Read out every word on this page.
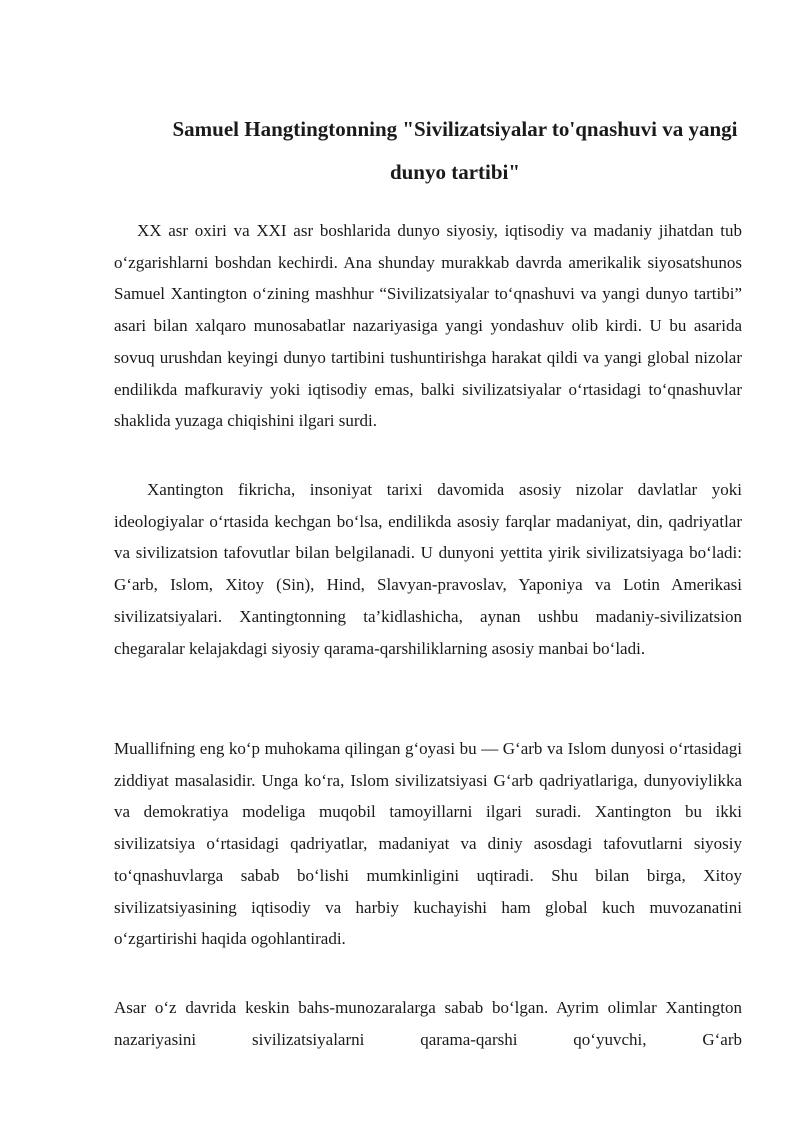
Samuel Hangtingtonning "Sivilizatsiyalar to'qnashuvi va yangi dunyo tartibi"

XX asr oxiri va XXI asr boshlarida dunyo siyosiy, iqtisodiy va madaniy jihatdan tub o‘zgarishlarni boshdan kechirdi. Ana shunday murakkab davrda amerikalik siyosatshunos Samuel Xantington o‘zining mashhur “Sivilizatsiyalar to‘qnashuvi va yangi dunyo tartibi” asari bilan xalqaro munosabatlar nazariyasiga yangi yondashuv olib kirdi. U bu asarida sovuq urushdan keyingi dunyo tartibini tushuntirishga harakat qildi va yangi global nizolar endilikda mafkuraviy yoki iqtisodiy emas, balki sivilizatsiyalar o‘rtasidagi to‘qnashuvlar shaklida yuzaga chiqishini ilgari surdi.

Xantington fikricha, insoniyat tarixi davomida asosiy nizolar davlatlar yoki ideologiyalar o‘rtasida kechgan bo‘lsa, endilikda asosiy farqlar madaniyat, din, qadriyatlar va sivilizatsion tafovutlar bilan belgilanadi. U dunyoni yettita yirik sivilizatsiyaga bo‘ladi: G‘arb, Islom, Xitoy (Sin), Hind, Slavyan-pravoslav, Yaponiya va Lotin Amerikasi sivilizatsiyalari. Xantingtonning ta’kidlashicha, aynan ushbu madaniy-sivilizatsion chegaralar kelajakdagi siyosiy qarama-qarshiliklarning asosiy manbai bo‘ladi.

Muallifning eng ko‘p muhokama qilingan g‘oyasi bu — G‘arb va Islom dunyosi o‘rtasidagi ziddiyat masalasidir. Unga ko‘ra, Islom sivilizatsiyasi G‘arb qadriyatlariga, dunyoviylikka va demokratiya modeliga muqobil tamoyillarni ilgari suradi. Xantington bu ikki sivilizatsiya o‘rtasidagi qadriyatlar, madaniyat va diniy asosdagi tafovutlarni siyosiy to‘qnashuvlarga sabab bo‘lishi mumkinligini uqtiradi. Shu bilan birga, Xitoy sivilizatsiyasining iqtisodiy va harbiy kuchayishi ham global kuch muvozanatini o‘zgartirishi haqida ogohlantiradi.

Asar o‘z davrida keskin bahs-munozaralarga sabab bo‘lgan. Ayrim olimlar Xantington nazariyasini sivilizatsiyalarni qarama-qarshi qo‘yuvchi, G‘arb
